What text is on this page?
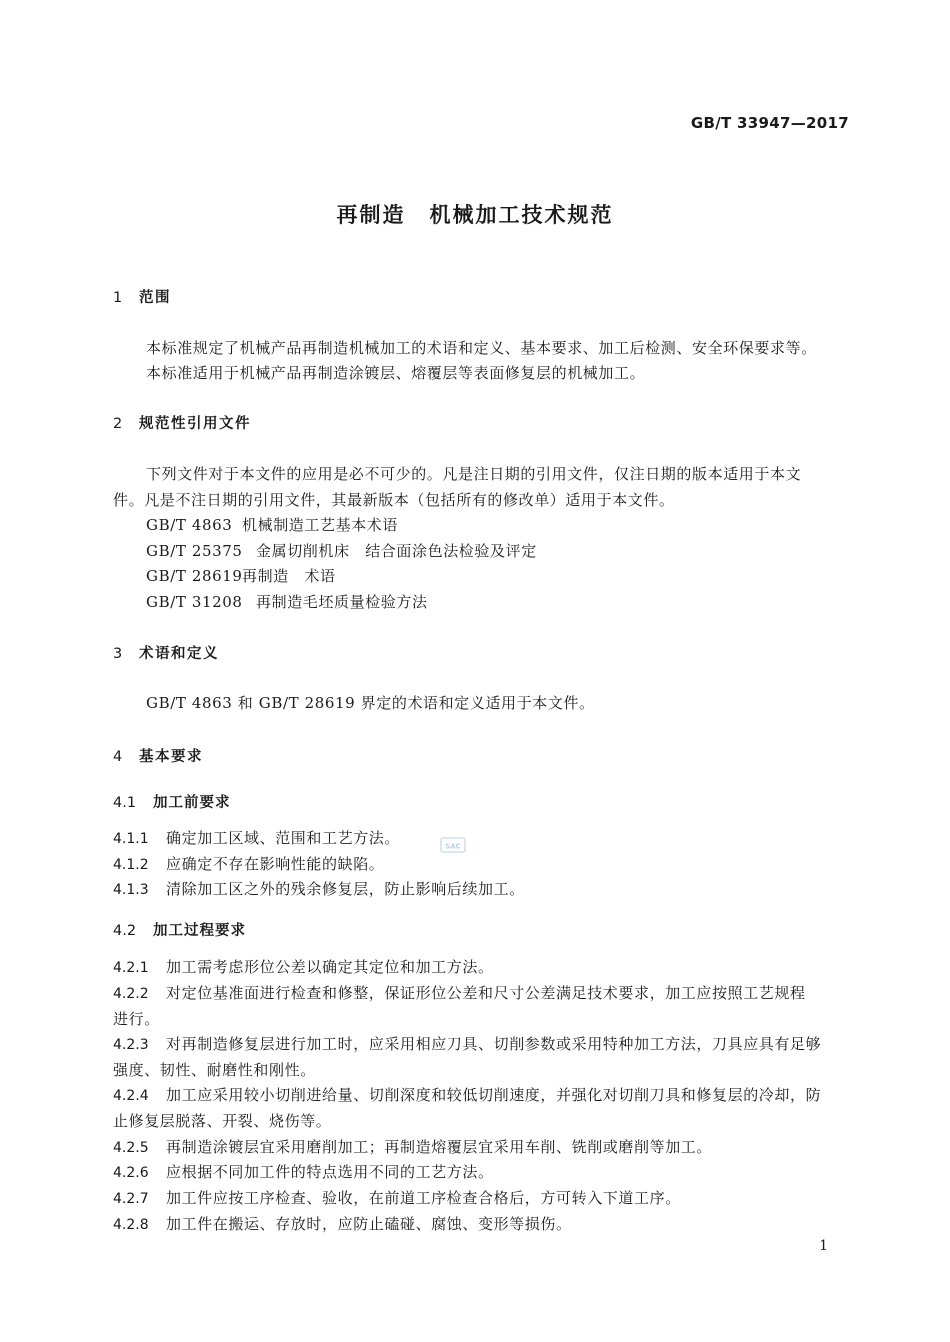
GB/T 33947—2017
再制造 机械加工技术规范
1 范围
本标准规定了机械产品再制造机械加工的术语和定义、基本要求、加工后检测、安全环保要求等。
本标准适用于机械产品再制造涂镀层、熔覆层等表面修复层的机械加工。
2 规范性引用文件
下列文件对于本文件的应用是必不可少的。凡是注日期的引用文件，仅注日期的版本适用于本文
件。凡是不注日期的引用文件，其最新版本（包括所有的修改单）适用于本文件。
GB/T 4863 机械制造工艺基本术语
GB/T 25375 金属切削机床　结合面涂色法检验及评定
GB/T 28619再制造　术语
GB/T 31208 再制造毛坯质量检验方法
3 术语和定义
GB/T 4863 和 GB/T 28619 界定的术语和定义适用于本文件。
4 基本要求
4.1 加工前要求
4.1.1 确定加工区域、范围和工艺方法。
4.1.2 应确定不存在影响性能的缺陷。
4.1.3 清除加工区之外的残余修复层，防止影响后续加工。
4.2 加工过程要求
4.2.1 加工需考虑形位公差以确定其定位和加工方法。
4.2.2 对定位基准面进行检查和修整，保证形位公差和尺寸公差满足技术要求，加工应按照工艺规程
进行。
4.2.3 对再制造修复层进行加工时，应采用相应刀具、切削参数或采用特种加工方法，刀具应具有足够
强度、韧性、耐磨性和刚性。
4.2.4 加工应采用较小切削进给量、切削深度和较低切削速度，并强化对切削刀具和修复层的冷却，防
止修复层脱落、开裂、烧伤等。
4.2.5 再制造涂镀层宜采用磨削加工；再制造熔覆层宜采用车削、铣削或磨削等加工。
4.2.6 应根据不同加工件的特点选用不同的工艺方法。
4.2.7 加工件应按工序检查、验收，在前道工序检查合格后，方可转入下道工序。
4.2.8 加工件在搬运、存放时，应防止磕碰、腐蚀、变形等损伤。
SAC
1
